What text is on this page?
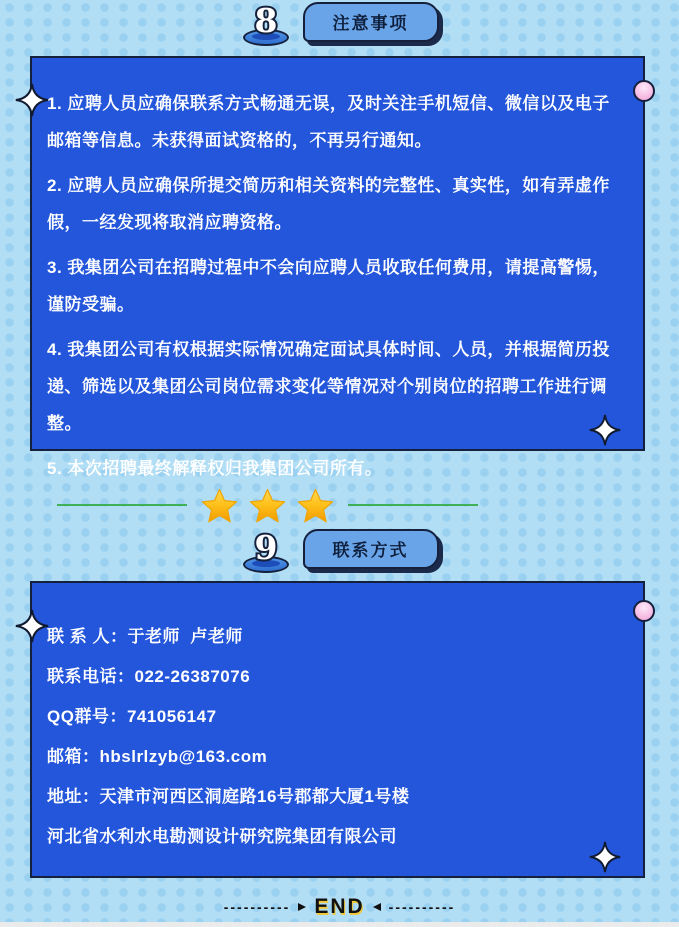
8	注意事项

1. 应聘人员应确保联系方式畅通无误，及时关注手机短信、微信以及电子邮箱等信息。未获得面试资格的，不再另行通知。

2. 应聘人员应确保所提交简历和相关资料的完整性、真实性，如有弄虚作假，一经发现将取消应聘资格。

3. 我集团公司在招聘过程中不会向应聘人员收取任何费用，请提高警惕，谨防受骗。

4. 我集团公司有权根据实际情况确定面试具体时间、人员，并根据简历投递、筛选以及集团公司岗位需求变化等情况对个别岗位的招聘工作进行调整。

5. 本次招聘最终解释权归我集团公司所有。

9	联系方式

联 系 人：于老师  卢老师

联系电话：022-26387076

QQ群号：741056147

邮箱：hbslrlzyb@163.com

地址：天津市河西区洞庭路16号郡都大厦1号楼

河北省水利水电勘测设计研究院集团有限公司

---------- END ----------
